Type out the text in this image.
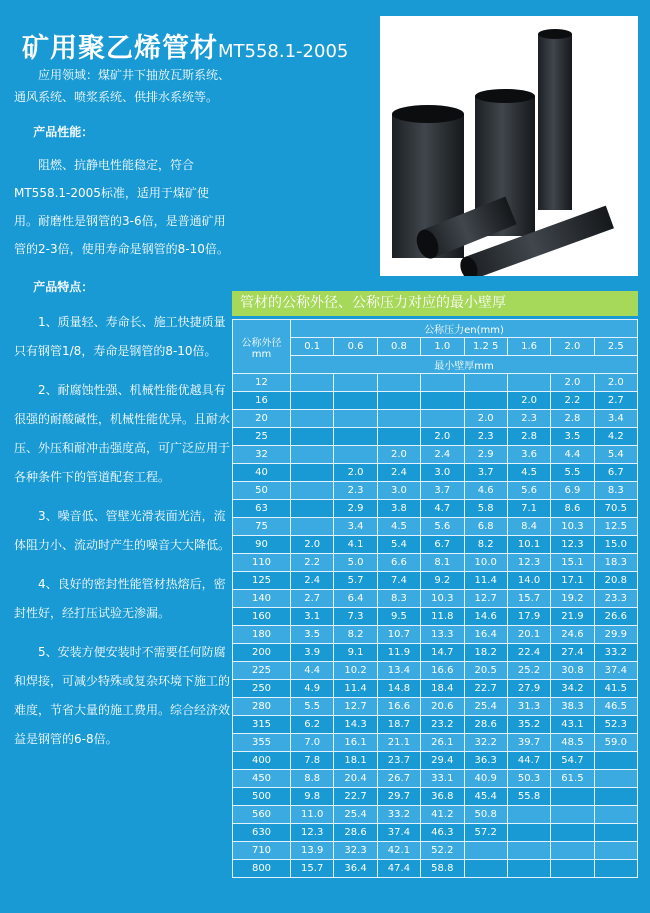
矿用聚乙烯管材MT558.1-2005

应用领域：煤矿井下抽放瓦斯系统、通风系统、喷浆系统、供排水系统等。

产品性能：

阻燃、抗静电性能稳定，符合MT558.1-2005标准，适用于煤矿使用。耐磨性是钢管的3-6倍，是普通矿用管的2-3倍，使用寿命是钢管的8-10倍。

产品特点：

1、质量轻、寿命长、施工快捷质量只有钢管1/8，寿命是钢管的8-10倍。

2、耐腐蚀性强、机械性能优越具有很强的耐酸碱性，机械性能优异。且耐水压、外压和耐冲击强度高，可广泛应用于各种条件下的管道配套工程。

3、噪音低、管壁光滑表面光洁，流体阻力小、流动时产生的噪音大大降低。

4、良好的密封性能管材热熔后，密封性好，经打压试验无渗漏。

5、安装方便安装时不需要任何防腐和焊接，可减少特殊或复杂环境下施工的难度，节省大量的施工费用。综合经济效益是钢管的6-8倍。

管材的公称外径、公称压力对应的最小壁厚
公称外径
mm	公称压力en(mm)							
	0.1	0.6	0.8	1.0	1.2 5	1.6	2.0	2.5
	最小壁厚mm							
12							2.0	2.0
16						2.0	2.2	2.7
20					2.0	2.3	2.8	3.4
25				2.0	2.3	2.8	3.5	4.2
32			2.0	2.4	2.9	3.6	4.4	5.4
40		2.0	2.4	3.0	3.7	4.5	5.5	6.7
50		2.3	3.0	3.7	4.6	5.6	6.9	8.3
63		2.9	3.8	4.7	5.8	7.1	8.6	70.5
75		3.4	4.5	5.6	6.8	8.4	10.3	12.5
90	2.0	4.1	5.4	6.7	8.2	10.1	12.3	15.0
110	2.2	5.0	6.6	8.1	10.0	12.3	15.1	18.3
125	2.4	5.7	7.4	9.2	11.4	14.0	17.1	20.8
140	2.7	6.4	8.3	10.3	12.7	15.7	19.2	23.3
160	3.1	7.3	9.5	11.8	14.6	17.9	21.9	26.6
180	3.5	8.2	10.7	13.3	16.4	20.1	24.6	29.9
200	3.9	9.1	11.9	14.7	18.2	22.4	27.4	33.2
225	4.4	10.2	13.4	16.6	20.5	25.2	30.8	37.4
250	4.9	11.4	14.8	18.4	22.7	27.9	34.2	41.5
280	5.5	12.7	16.6	20.6	25.4	31.3	38.3	46.5
315	6.2	14.3	18.7	23.2	28.6	35.2	43.1	52.3
355	7.0	16.1	21.1	26.1	32.2	39.7	48.5	59.0
400	7.8	18.1	23.7	29.4	36.3	44.7	54.7	
450	8.8	20.4	26.7	33.1	40.9	50.3	61.5	
500	9.8	22.7	29.7	36.8	45.4	55.8		
560	11.0	25.4	33.2	41.2	50.8			
630	12.3	28.6	37.4	46.3	57.2			
710	13.9	32.3	42.1	52.2				
800	15.7	36.4	47.4	58.8				
